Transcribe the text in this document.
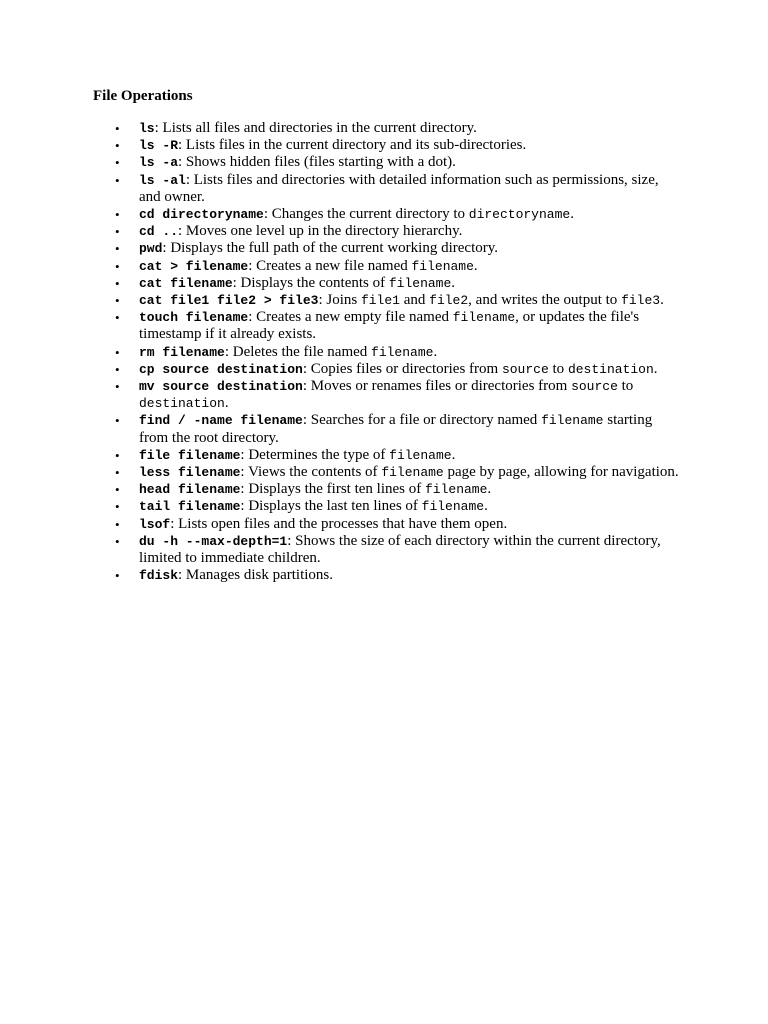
File Operations
• ls: Lists all files and directories in the current directory.
• ls -R: Lists files in the current directory and its sub-directories.
• ls -a: Shows hidden files (files starting with a dot).
• ls -al: Lists files and directories with detailed information such as permissions, size, and owner.
• cd directoryname: Changes the current directory to directoryname.
• cd ..: Moves one level up in the directory hierarchy.
• pwd: Displays the full path of the current working directory.
• cat > filename: Creates a new file named filename.
• cat filename: Displays the contents of filename.
• cat file1 file2 > file3: Joins file1 and file2, and writes the output to file3.
• touch filename: Creates a new empty file named filename, or updates the file's timestamp if it already exists.
• rm filename: Deletes the file named filename.
• cp source destination: Copies files or directories from source to destination.
• mv source destination: Moves or renames files or directories from source to destination.
• find / -name filename: Searches for a file or directory named filename starting from the root directory.
• file filename: Determines the type of filename.
• less filename: Views the contents of filename page by page, allowing for navigation.
• head filename: Displays the first ten lines of filename.
• tail filename: Displays the last ten lines of filename.
• lsof: Lists open files and the processes that have them open.
• du -h --max-depth=1: Shows the size of each directory within the current directory, limited to immediate children.
• fdisk: Manages disk partitions.
